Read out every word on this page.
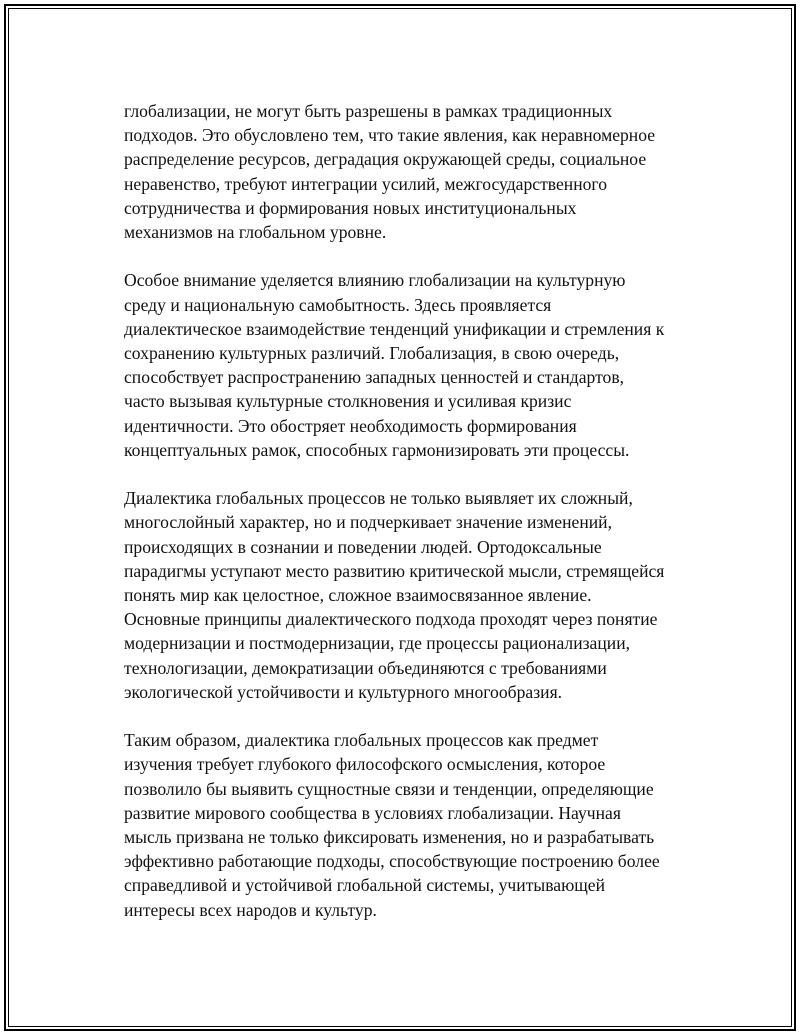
глобализации, не могут быть разрешены в рамках традиционных
подходов. Это обусловлено тем, что такие явления, как неравномерное
распределение ресурсов, деградация окружающей среды, социальное
неравенство, требуют интеграции усилий, межгосударственного
сотрудничества и формирования новых институциональных
механизмов на глобальном уровне.

Особое внимание уделяется влиянию глобализации на культурную
среду и национальную самобытность. Здесь проявляется
диалектическое взаимодействие тенденций унификации и стремления к
сохранению культурных различий. Глобализация, в свою очередь,
способствует распространению западных ценностей и стандартов,
часто вызывая культурные столкновения и усиливая кризис
идентичности. Это обостряет необходимость формирования
концептуальных рамок, способных гармонизировать эти процессы.

Диалектика глобальных процессов не только выявляет их сложный,
многослойный характер, но и подчеркивает значение изменений,
происходящих в сознании и поведении людей. Ортодоксальные
парадигмы уступают место развитию критической мысли, стремящейся
понять мир как целостное, сложное взаимосвязанное явление.
Основные принципы диалектического подхода проходят через понятие
модернизации и постмодернизации, где процессы рационализации,
технологизации, демократизации объединяются с требованиями
экологической устойчивости и культурного многообразия.

Таким образом, диалектика глобальных процессов как предмет
изучения требует глубокого философского осмысления, которое
позволило бы выявить сущностные связи и тенденции, определяющие
развитие мирового сообщества в условиях глобализации. Научная
мысль призвана не только фиксировать изменения, но и разрабатывать
эффективно работающие подходы, способствующие построению более
справедливой и устойчивой глобальной системы, учитывающей
интересы всех народов и культур.
